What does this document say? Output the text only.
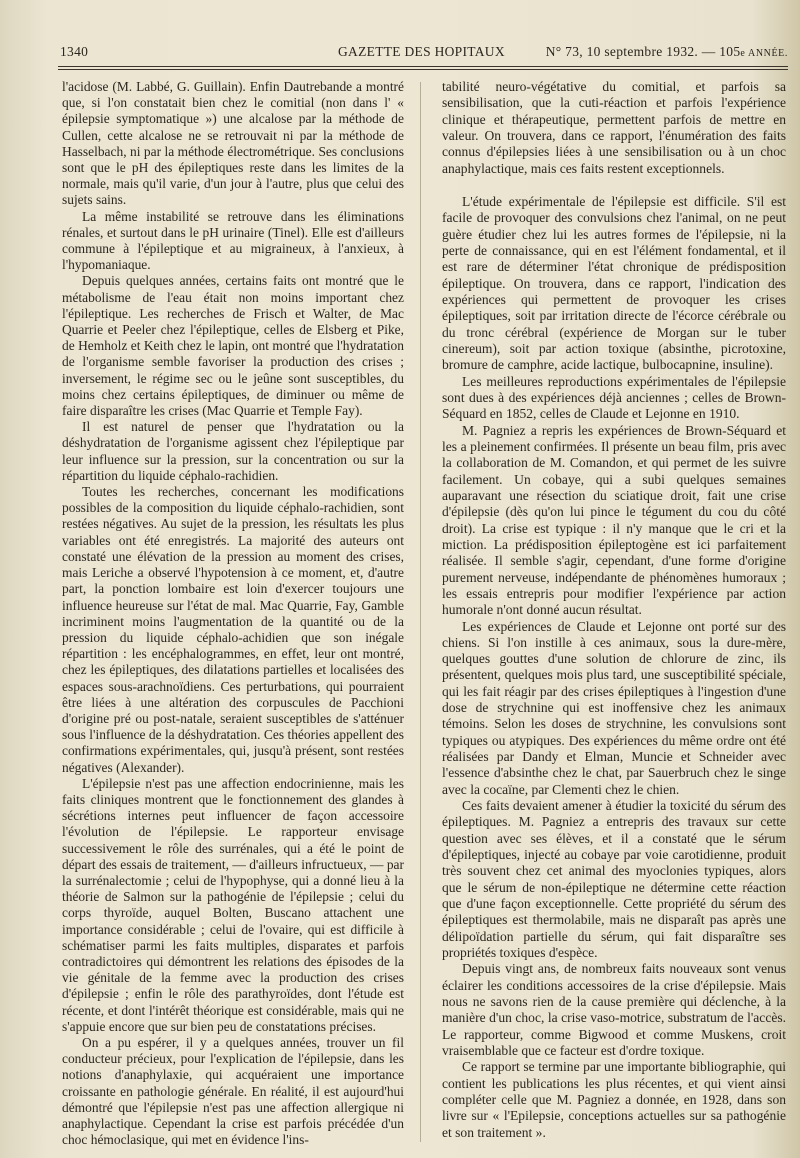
1340	GAZETTE DES HOPITAUX	N° 73, 10 septembre 1932. — 105e ANNÉE.

l'acidose (M. Labbé, G. Guillain). Enfin Dautrebande a montré que, si l'on constatait bien chez le comitial (non dans l' « épilepsie symptomatique ») une alcalose par la méthode de Cullen, cette alcalose ne se retrouvait ni par la méthode de Hasselbach, ni par la méthode électrométrique. Ses conclusions sont que le pH des épileptiques reste dans les limites de la normale, mais qu'il varie, d'un jour à l'autre, plus que celui des sujets sains.

La même instabilité se retrouve dans les éliminations rénales, et surtout dans le pH urinaire (Tinel). Elle est d'ailleurs commune à l'épileptique et au migraineux, à l'anxieux, à l'hypomaniaque.

Depuis quelques années, certains faits ont montré que le métabolisme de l'eau était non moins important chez l'épileptique. Les recherches de Frisch et Walter, de Mac Quarrie et Peeler chez l'épileptique, celles de Elsberg et Pike, de Hemholz et Keith chez le lapin, ont montré que l'hydratation de l'organisme semble favoriser la production des crises ; inversement, le régime sec ou le jeûne sont susceptibles, du moins chez certains épileptiques, de diminuer ou même de faire disparaître les crises (Mac Quarrie et Temple Fay).

Il est naturel de penser que l'hydratation ou la déshydratation de l'organisme agissent chez l'épileptique par leur influence sur la pression, sur la concentration ou sur la répartition du liquide céphalo-rachidien.

Toutes les recherches, concernant les modifications possibles de la composition du liquide céphalo-rachidien, sont restées négatives. Au sujet de la pression, les résultats les plus variables ont été enregistrés. La majorité des auteurs ont constaté une élévation de la pression au moment des crises, mais Leriche a observé l'hypotension à ce moment, et, d'autre part, la ponction lombaire est loin d'exercer toujours une influence heureuse sur l'état de mal. Mac Quarrie, Fay, Gamble incriminent moins l'augmentation de la quantité ou de la pression du liquide céphalo-achidien que son inégale répartition : les encéphalogrammes, en effet, leur ont montré, chez les épileptiques, des dilatations partielles et localisées des espaces sous-arachnoïdiens. Ces perturbations, qui pourraient être liées à une altération des corpuscules de Pacchioni d'origine pré ou post-natale, seraient susceptibles de s'atténuer sous l'influence de la déshydratation. Ces théories appellent des confirmations expérimentales, qui, jusqu'à présent, sont restées négatives (Alexander).

L'épilepsie n'est pas une affection endocrinienne, mais les faits cliniques montrent que le fonctionnement des glandes à sécrétions internes peut influencer de façon accessoire l'évolution de l'épilepsie. Le rapporteur envisage successivement le rôle des surrénales, qui a été le point de départ des essais de traitement, — d'ailleurs infructueux, — par la surrénalectomie ; celui de l'hypophyse, qui a donné lieu à la théorie de Salmon sur la pathogénie de l'épilepsie ; celui du corps thyroïde, auquel Bolten, Buscano attachent une importance considérable ; celui de l'ovaire, qui est difficile à schématiser parmi les faits multiples, disparates et parfois contradictoires qui démontrent les relations des épisodes de la vie génitale de la femme avec la production des crises d'épilepsie ; enfin le rôle des parathyroïdes, dont l'étude est récente, et dont l'intérêt théorique est considérable, mais qui ne s'appuie encore que sur bien peu de constatations précises.

On a pu espérer, il y a quelques années, trouver un fil conducteur précieux, pour l'explication de l'épilepsie, dans les notions d'anaphylaxie, qui acquéraient une importance croissante en pathologie générale. En réalité, il est aujourd'hui démontré que l'épilepsie n'est pas une affection allergique ni anaphylactique. Cependant la crise est parfois précédée d'un choc hémoclasique, qui met en évidence l'ins-

tabilité neuro-végétative du comitial, et parfois sa sensibilisation, que la cuti-réaction et parfois l'expérience clinique et thérapeutique, permettent parfois de mettre en valeur. On trouvera, dans ce rapport, l'énumération des faits connus d'épilepsies liées à une sensibilisation ou à un choc anaphylactique, mais ces faits restent exceptionnels.

L'étude expérimentale de l'épilepsie est difficile. S'il est facile de provoquer des convulsions chez l'animal, on ne peut guère étudier chez lui les autres formes de l'épilepsie, ni la perte de connaissance, qui en est l'élément fondamental, et il est rare de déterminer l'état chronique de prédisposition épileptique. On trouvera, dans ce rapport, l'indication des expériences qui permettent de provoquer les crises épileptiques, soit par irritation directe de l'écorce cérébrale ou du tronc cérébral (expérience de Morgan sur le tuber cinereum), soit par action toxique (absinthe, picrotoxine, bromure de camphre, acide lactique, bulbocapnine, insuline).

Les meilleures reproductions expérimentales de l'épilepsie sont dues à des expériences déjà anciennes ; celles de Brown-Séquard en 1852, celles de Claude et Lejonne en 1910.

M. Pagniez a repris les expériences de Brown-Séquard et les a pleinement confirmées. Il présente un beau film, pris avec la collaboration de M. Comandon, et qui permet de les suivre facilement. Un cobaye, qui a subi quelques semaines auparavant une résection du sciatique droit, fait une crise d'épilepsie (dès qu'on lui pince le tégument du cou du côté droit). La crise est typique : il n'y manque que le cri et la miction. La prédisposition épileptogène est ici parfaitement réalisée. Il semble s'agir, cependant, d'une forme d'origine purement nerveuse, indépendante de phénomènes humoraux ; les essais entrepris pour modifier l'expérience par action humorale n'ont donné aucun résultat.

Les expériences de Claude et Lejonne ont porté sur des chiens. Si l'on instille à ces animaux, sous la dure-mère, quelques gouttes d'une solution de chlorure de zinc, ils présentent, quelques mois plus tard, une susceptibilité spéciale, qui les fait réagir par des crises épileptiques à l'ingestion d'une dose de strychnine qui est inoffensive chez les animaux témoins. Selon les doses de strychnine, les convulsions sont typiques ou atypiques. Des expériences du même ordre ont été réalisées par Dandy et Elman, Muncie et Schneider avec l'essence d'absinthe chez le chat, par Sauerbruch chez le singe avec la cocaïne, par Clementi chez le chien.

Ces faits devaient amener à étudier la toxicité du sérum des épileptiques. M. Pagniez a entrepris des travaux sur cette question avec ses élèves, et il a constaté que le sérum d'épileptiques, injecté au cobaye par voie carotidienne, produit très souvent chez cet animal des myoclonies typiques, alors que le sérum de non-épileptique ne détermine cette réaction que d'une façon exceptionnelle. Cette propriété du sérum des épileptiques est thermolabile, mais ne disparaît pas après une délipoïdation partielle du sérum, qui fait disparaître ses propriétés toxiques d'espèce.

Depuis vingt ans, de nombreux faits nouveaux sont venus éclairer les conditions accessoires de la crise d'épilepsie. Mais nous ne savons rien de la cause première qui déclenche, à la manière d'un choc, la crise vaso-motrice, substratum de l'accès. Le rapporteur, comme Bigwood et comme Muskens, croit vraisemblable que ce facteur est d'ordre toxique.

Ce rapport se termine par une importante bibliographie, qui contient les publications les plus récentes, et qui vient ainsi compléter celle que M. Pagniez a donnée, en 1928, dans son livre sur « l'Epilepsie, conceptions actuelles sur sa pathogénie et son traitement ».
